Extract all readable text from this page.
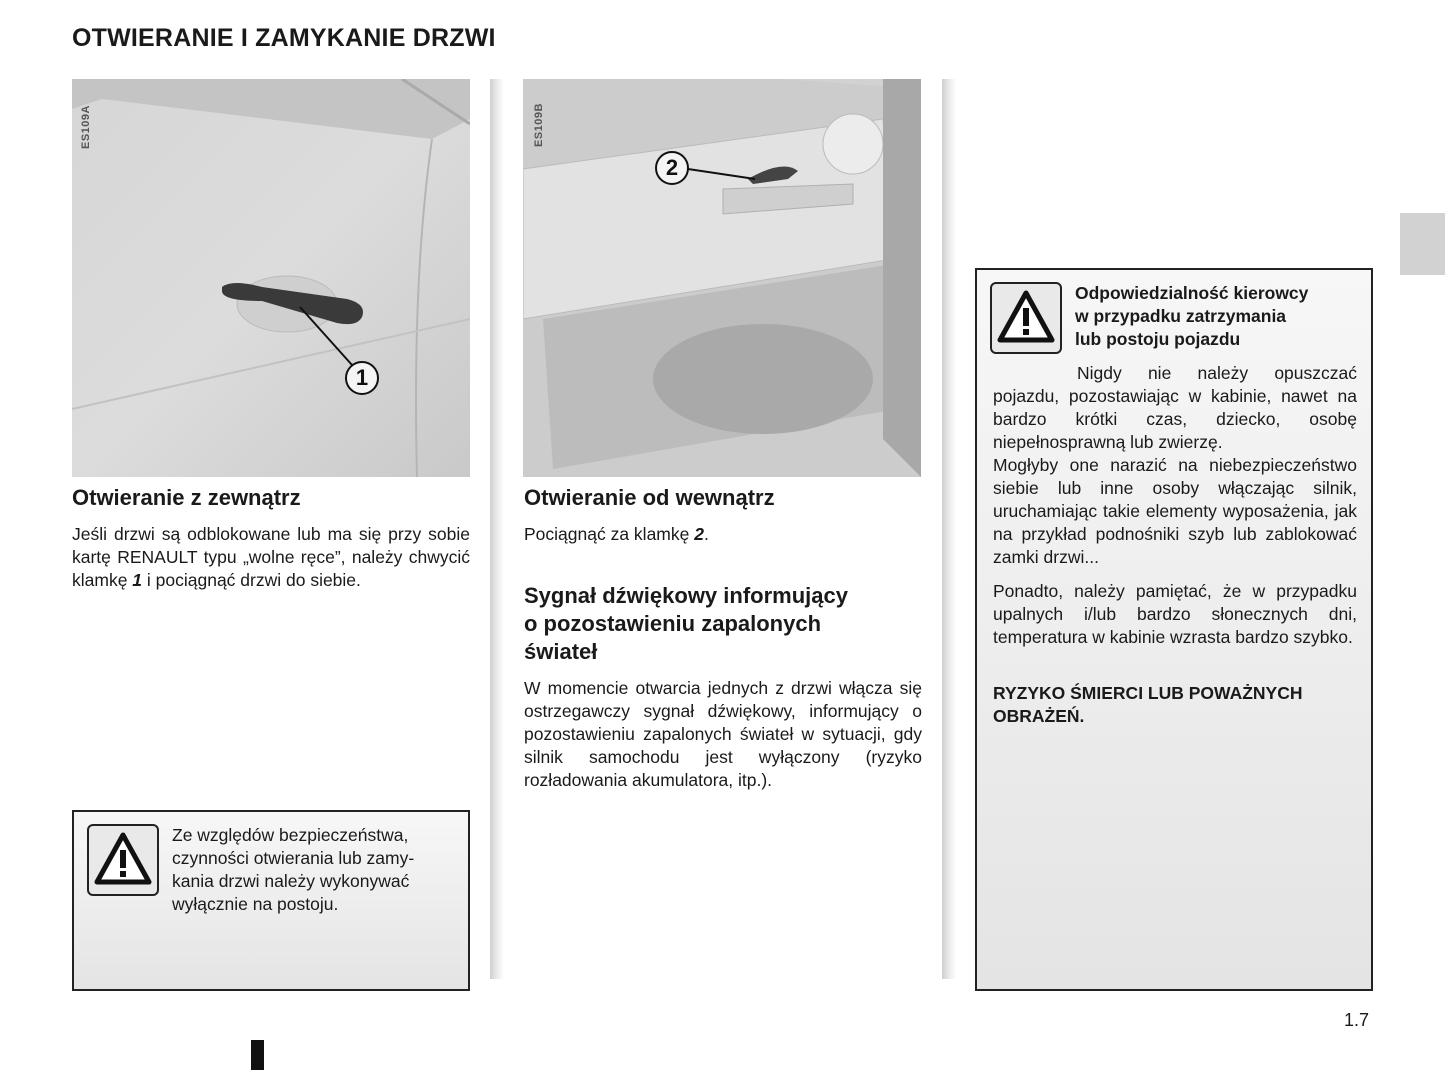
OTWIERANIE I ZAMYKANIE DRZWI
ES109A
1
ES109B
2
Otwieranie z zewnątrz

Jeśli drzwi są odblokowane lub ma się przy sobie kartę RENAULT typu „wolne ręce”, należy chwycić klamkę 1 i pociągnąć drzwi do siebie.

Ze względów bezpieczeństwa,
czynności otwierania lub zamy-
kania drzwi należy wykonywać
wyłącznie na postoju.
Otwieranie od wewnątrz

Pociągnąć za klamkę 2.

Sygnał dźwiękowy informujący
o pozostawieniu zapalonych
świateł

W momencie otwarcia jednych z drzwi włącza się ostrzegawczy sygnał dźwiękowy, informujący o pozostawieniu zapalonych świateł w sytuacji, gdy silnik samochodu jest wyłączony (ryzyko rozładowania akumulatora, itp.).

Odpowiedzialność kierowcy
w przypadku zatrzymania
lub postoju pojazdu

Nigdy nie należy opuszczać pojazdu, pozostawiając w kabinie, nawet na bardzo krótki czas, dziecko, osobę niepełnosprawną lub zwierzę.

Mogłyby one narazić na niebezpieczeństwo siebie lub inne osoby włączając silnik, uruchamiając takie elementy wyposażenia, jak na przykład podnośniki szyb lub zablokować zamki drzwi...

Ponadto, należy pamiętać, że w przypadku upalnych i/lub bardzo słonecznych dni, temperatura w kabinie wzrasta bardzo szybko.

RYZYKO ŚMIERCI LUB POWAŻNYCH OBRAŻEŃ.

1.7
